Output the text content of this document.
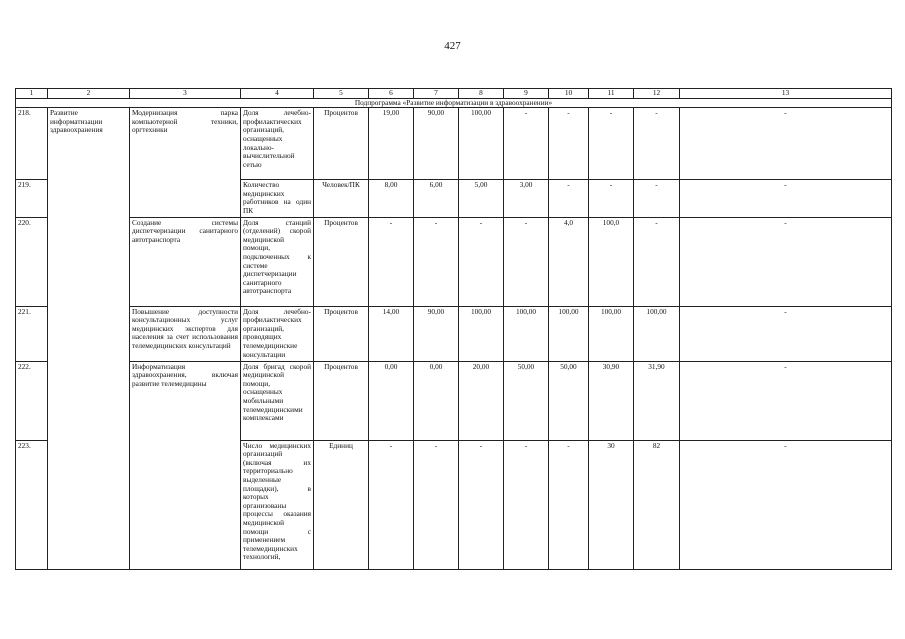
427
1	2	3	4	5	6	7	8	9	10	11	12	13
Подпрограмма «Развитие информатизации в здравоохранении»												
218.	Развитие информатизации здравоохранения	Модернизация парка компьютерной техники, оргтехники	Доля лечебно-профилактических организаций, оснащенных локально-вычислительной сетью	Процентов	19,00	90,00	100,00	-	-	-	-	-
219.			Количество медицинских работников на один ПК	Человек/ПК	8,00	6,00	5,00	3,00	-	-	-	-
220.		Создание системы диспетчеризации санитарного автотранспорта	Доля станций (отделений) скорой медицинской помощи, подключенных к системе диспетчеризации санитарного автотранспорта	Процентов	-	-	-	-	4,0	100,0	-	-
221.		Повышение доступности консультационных услуг медицинских экспертов для населения за счет использования телемедицинских консультаций	Доля лечебно-профилактических организаций, проводящих телемедицинские консультации	Процентов	14,00	90,00	100,00	100,00	100,00	100,00	100,00	-
222.		Информатизация здравоохранения, включая развитие телемедицины	Доля бригад скорой медицинской помощи, оснащенных мобильными телемедицинскими комплексами	Процентов	0,00	0,00	20,00	50,00	50,00	30,90	31,90	-
223.			Число медицинских организаций (включая их территориально выделенные площадки), в которых организованы процессы оказания медицинской помощи с применением телемедицинских технологий,	Единиц	-	-	-	-	-	30	82	-
